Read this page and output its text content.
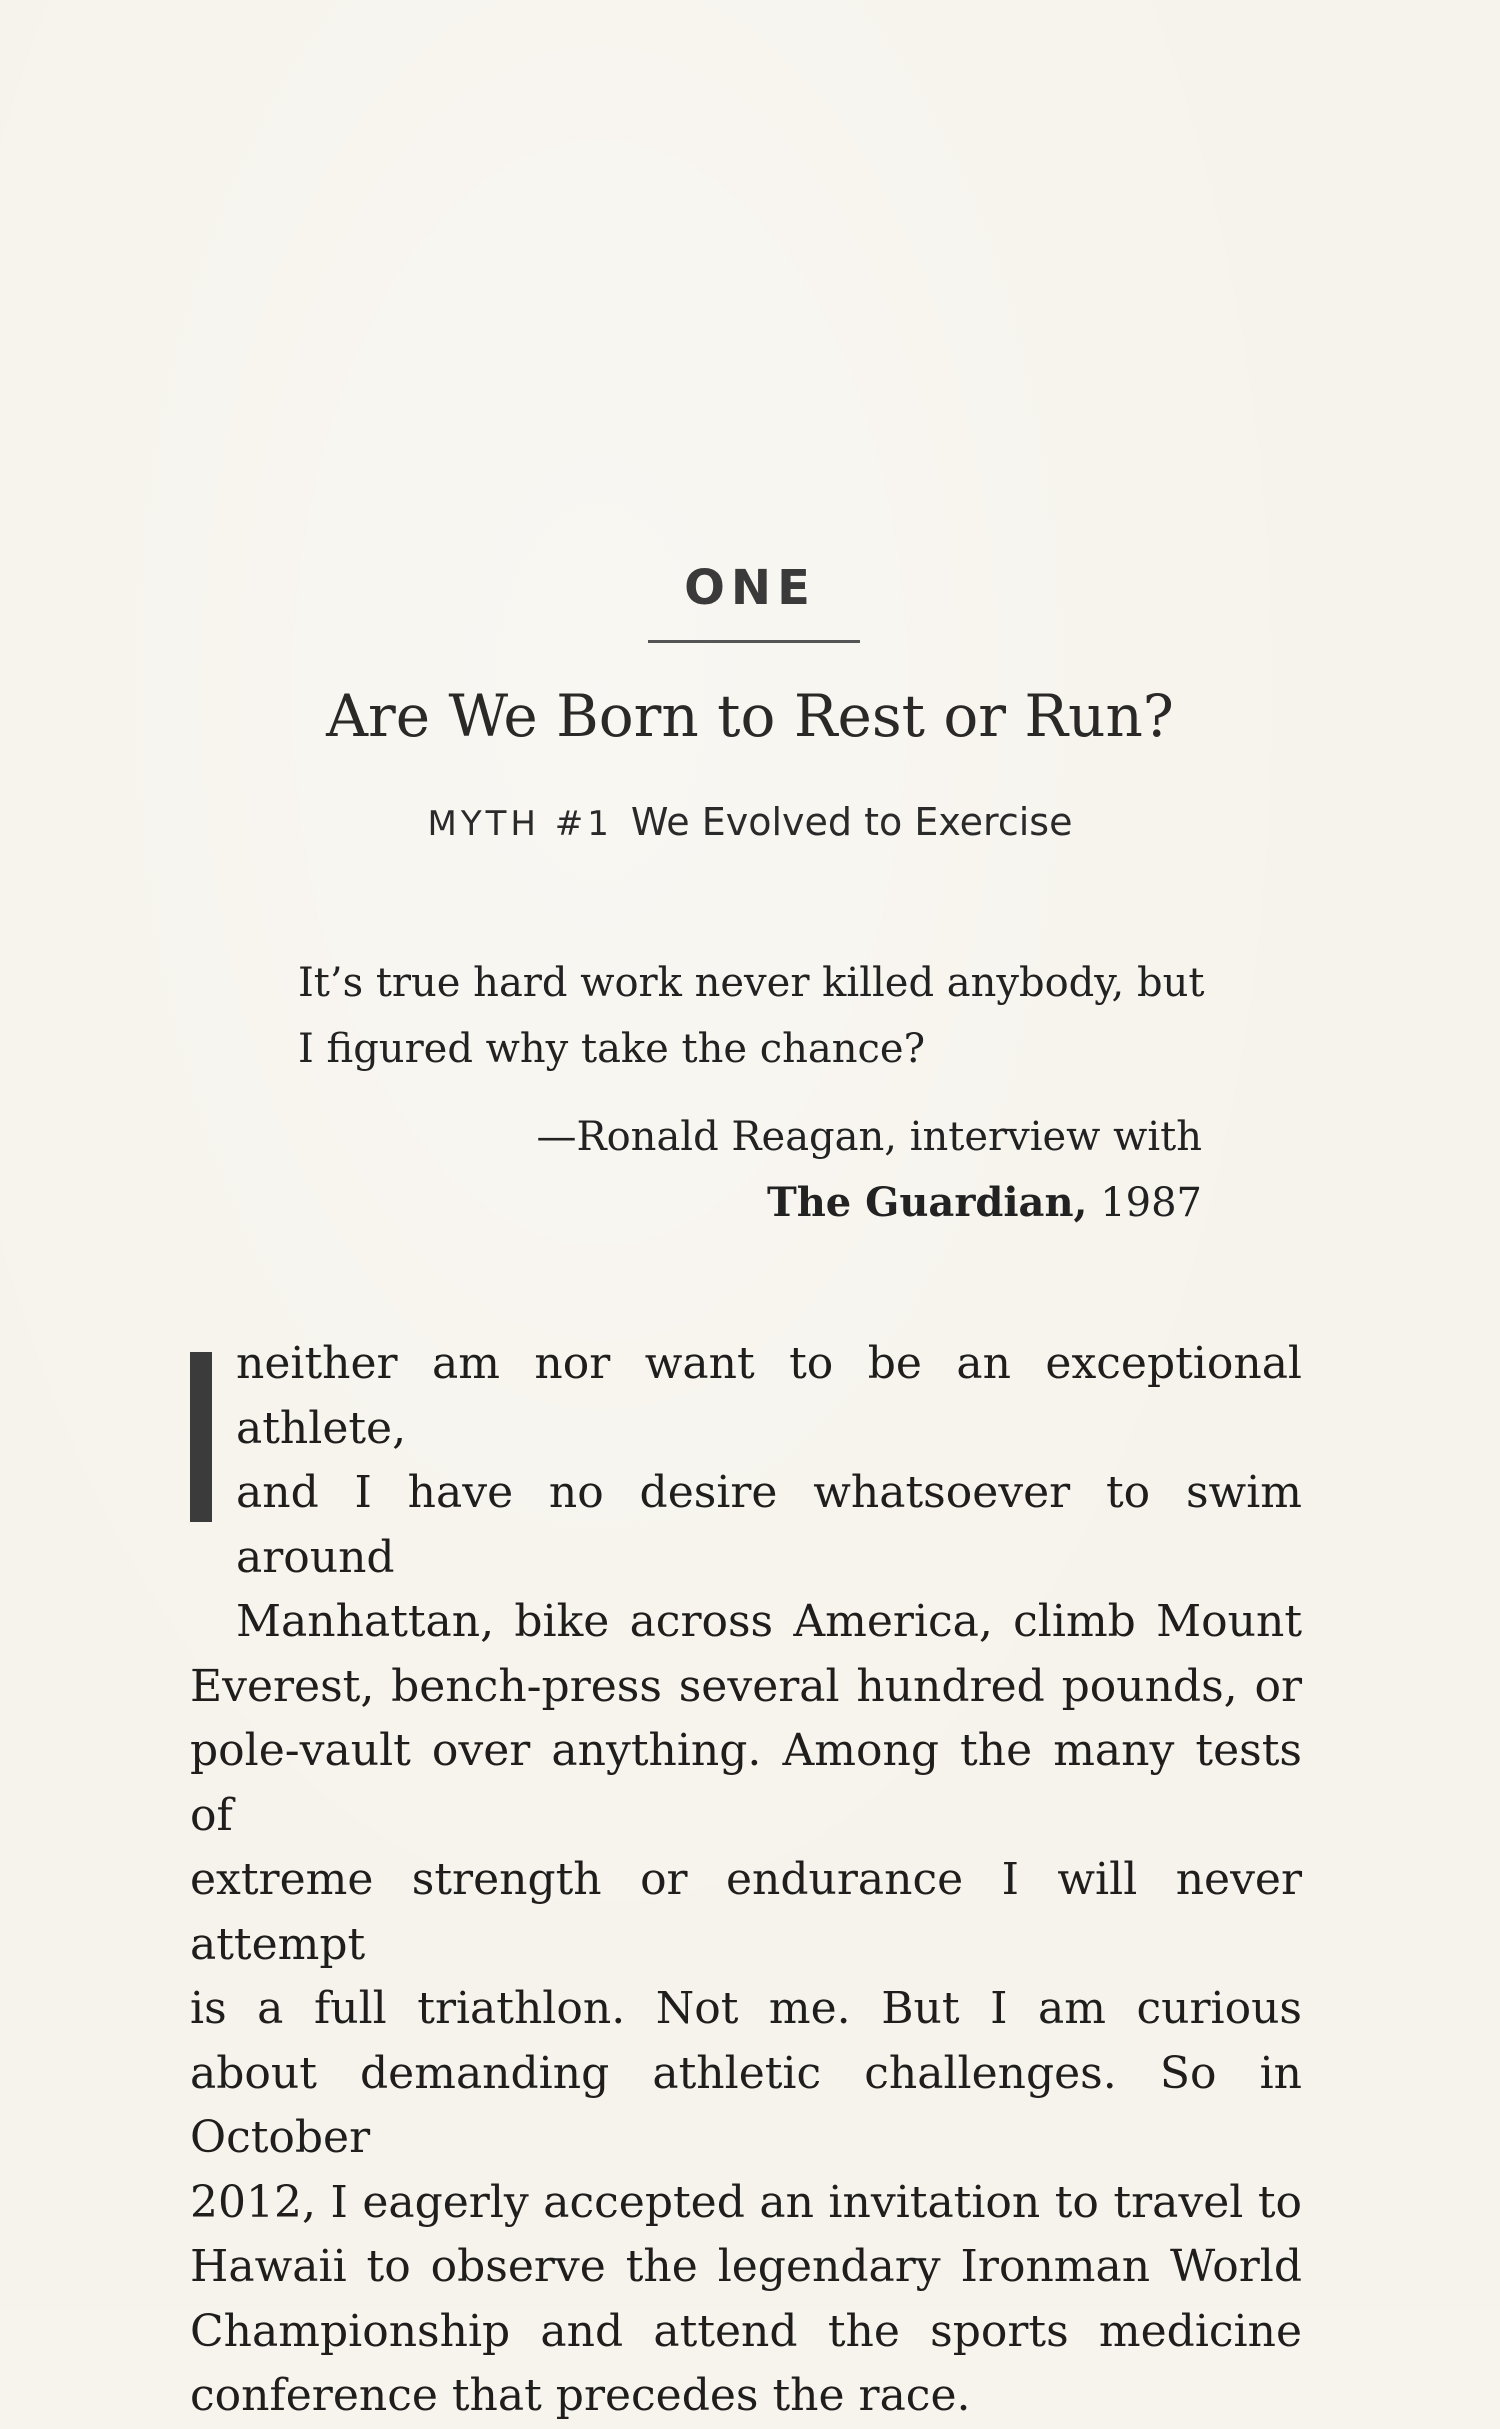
ONE
Are We Born to Rest or Run?
MYTH #1 We Evolved to Exercise
It’s true hard work never killed anybody, but
I figured why take the chance?
—Ronald Reagan, interview with
The Guardian, 1987
neither am nor want to be an exceptional athlete,
and I have no desire whatsoever to swim around
Manhattan, bike across America, climb Mount
Everest, bench-press several hundred pounds, or
pole-vault over anything. Among the many tests of
extreme strength or endurance I will never attempt
is a full triathlon. Not me. But I am curious
about demanding athletic challenges. So in October
2012, I eagerly accepted an invitation to travel to
Hawaii to observe the legendary Ironman World
Championship and attend the sports medicine
conference that precedes the race.
